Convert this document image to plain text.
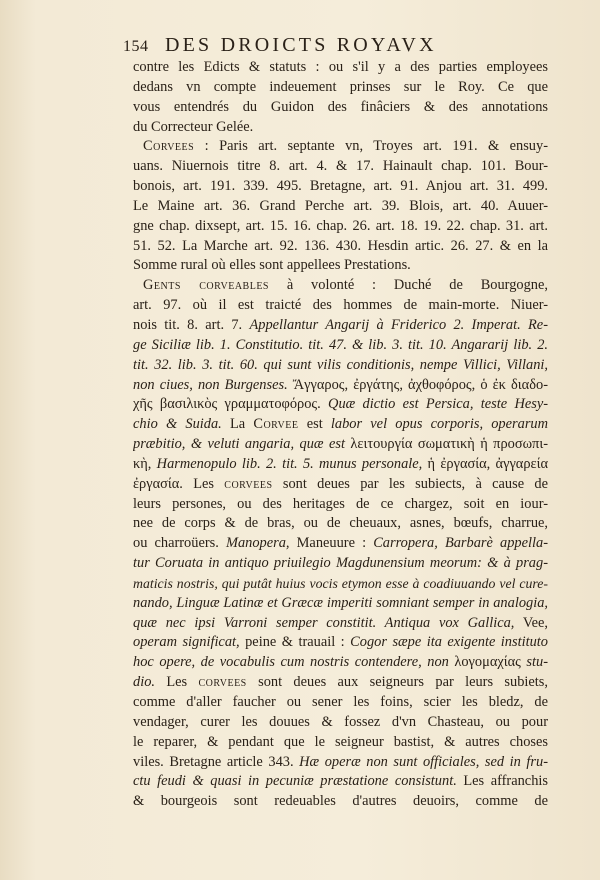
154 DES DROICTS ROYAVX
contre les Edicts & statuts : ou s'il y a des parties employees
dedans vn compte indeuement prinses sur le Roy. Ce que
vous entendrés du Guidon des finâciers & des annotations
du Correcteur Gelée.
Corvees : Paris art. septante vn, Troyes art. 191. & ensuy-
uans. Niuernois titre 8. art. 4. & 17. Hainault chap. 101. Bour-
bonois, art. 191. 339. 495. Bretagne, art. 91. Anjou art. 31. 499.
Le Maine art. 36. Grand Perche art. 39. Blois, art. 40. Auuer-
gne chap. dixsept, art. 15. 16. chap. 26. art. 18. 19. 22. chap. 31. art.
51. 52. La Marche art. 92. 136. 430. Hesdin artic. 26. 27. & en la
Somme rural où elles sont appellees Prestations.
Gents corveables à volonté : Duché de Bourgogne,
art. 97. où il est traicté des hommes de main-morte. Niuer-
nois tit. 8. art. 7. Appellantur Angarij à Friderico 2. Imperat. Re-
ge Siciliæ lib. 1. Constitutio. tit. 47. & lib. 3. tit. 10. Angararij lib. 2.
tit. 32. lib. 3. tit. 60. qui sunt vilis conditionis, nempe Villici, Villani,
non ciues, non Burgenses. Ἄγγαρος, ἐργάτης, ἀχθοφόρος, ὁ ἐκ διαδο-
χῆς βασιλικὸς γραμματοφόρος. Quæ dictio est Persica, teste Hesy-
chio & Suida. La Corvee est labor vel opus corporis, operarum
præbitio, & veluti angaria, quæ est λειτουργία σωματικὴ ἡ προσωπι-
κὴ, Harmenopulo lib. 2. tit. 5. munus personale, ἡ ἐργασία, ἀγγαρεία
ἐργασία. Les corvees sont deues par les subiects, à cause de
leurs persones, ou des heritages de ce chargez, soit en iour-
nee de corps & de bras, ou de cheuaux, asnes, bœufs, charrue,
ou charroüers. Manopera, Maneuure : Carropera, Barbarè appella-
tur Coruata in antiquo priuilegio Magdunensium meorum: & à prag-
maticis nostris, qui putât huius vocis etymon esse à coadiuuando vel cure-
nando, Linguæ Latinæ et Græcæ imperiti somniant semper in analogia,
quæ nec ipsi Varroni semper constitit. Antiqua vox Gallica, Vee,
operam significat, peine & trauail : Cogor sæpe ita exigente instituto
hoc opere, de vocabulis cum nostris contendere, non λογομαχίας stu-
dio. Les corvees sont deues aux seigneurs par leurs subiets,
comme d'aller faucher ou sener les foins, scier les bledz, de
vendager, curer les douues & fossez d'vn Chasteau, ou pour
le reparer, & pendant que le seigneur bastist, & autres choses
viles. Bretagne article 343. Hæ operæ non sunt officiales, sed in fru-
ctu feudi & quasi in pecuniæ præstatione consistunt. Les affranchis
& bourgeois sont redeuables d'autres deuoirs, comme de
